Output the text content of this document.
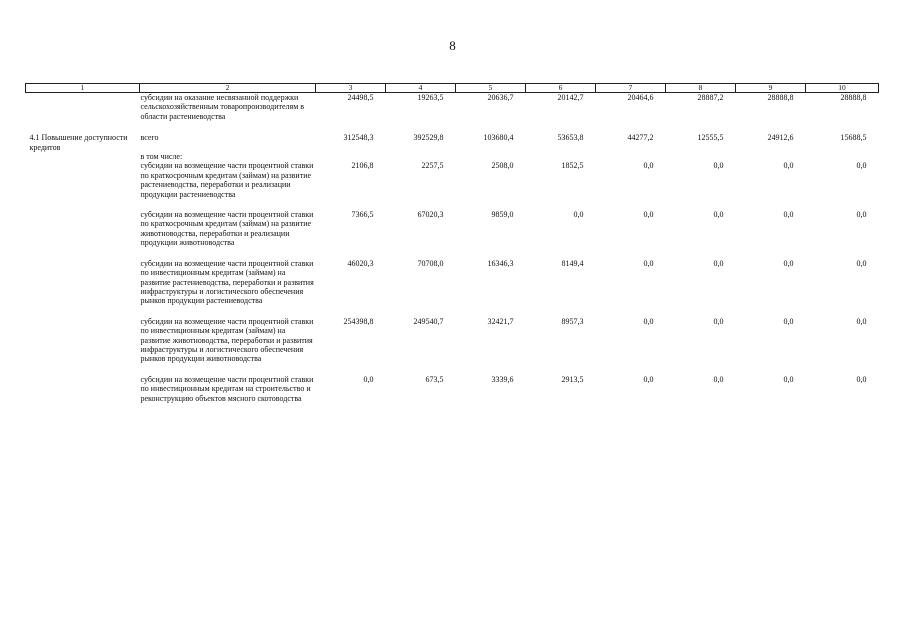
8
1	2	3	4	5	6	7	8	9	10
	субсидии на оказание несвязанной поддержки сельскохозяйственным товаропроизводителям в области растениеводства	24498,5	19263,5	20636,7	20142,7	20464,6	28887,2	28888,8	28888,8
4.1 Повышение доступности кредитов	всего	312548,3	392529,8	103680,4	53653,8	44277,2	12555,5	24912,6	15688,5
	в том числе:								
	субсидии на возмещение части процентной ставки по краткосрочным кредитам (займам) на развитие растениеводства, переработки и реализации продукции растениеводства	2106,8	2257,5	2508,0	1852,5	0,0	0,0	0,0	0,0
	субсидии на возмещение части процентной ставки по краткосрочным кредитам (займам) на развитие животноводства, переработки и реализации продукции животноводства	7366,5	67020,3	9859,0	0,0	0,0	0,0	0,0	0,0
	субсидии на возмещение части процентной ставки по инвестиционным кредитам (займам) на развитие растениеводства, переработки и развития инфраструктуры и логистического обеспечения рынков продукции растениеводства	46020,3	70708,0	16346,3	8149,4	0,0	0,0	0,0	0,0
	субсидии на возмещение части процентной ставки по инвестиционным кредитам (займам) на развитие животноводства, переработки и развития инфраструктуры и логистического обеспечения рынков продукции животноводства	254398,8	249540,7	32421,7	8957,3	0,0	0,0	0,0	0,0
	субсидии на возмещение части процентной ставки по инвестиционным кредитам на строительство и реконструкцию объектов мясного скотоводства	0,0	673,5	3339,6	2913,5	0,0	0,0	0,0	0,0
